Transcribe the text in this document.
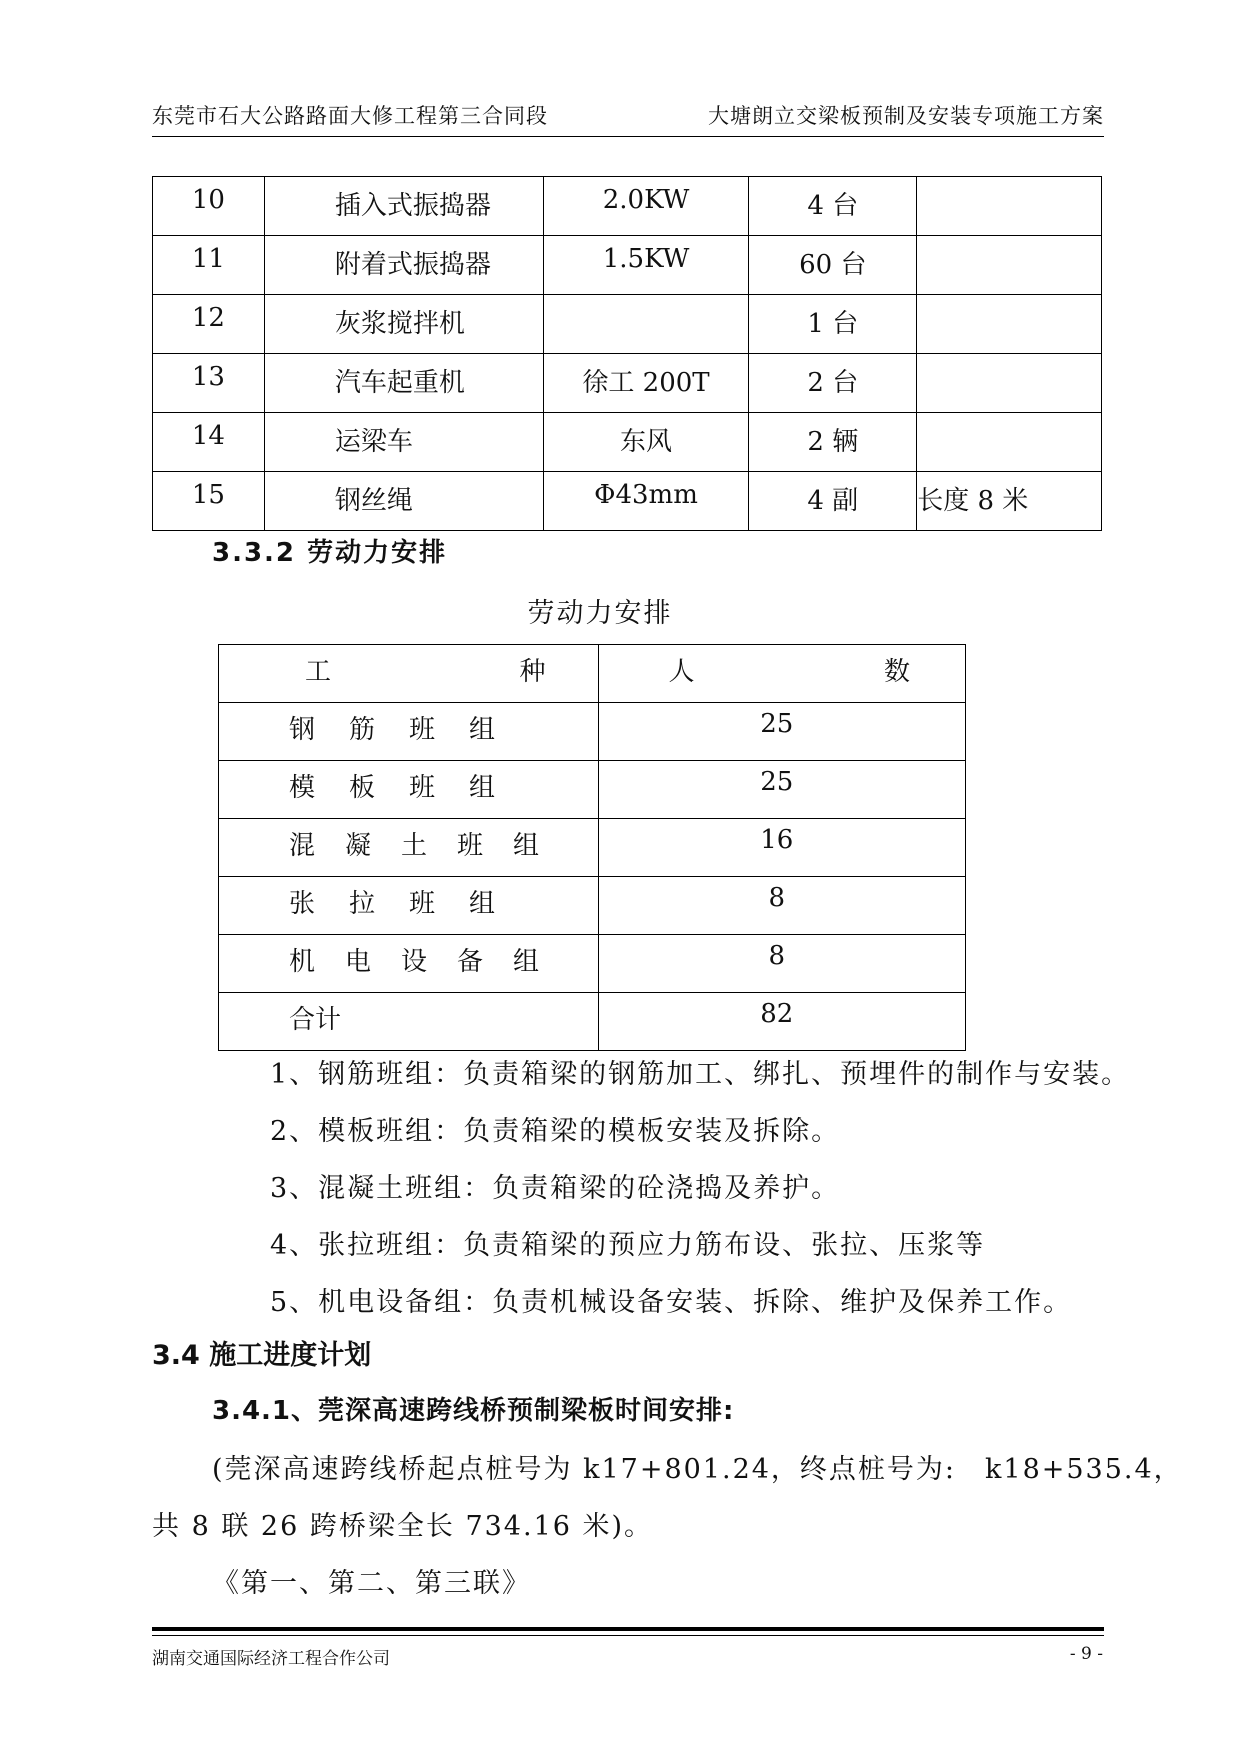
东莞市石大公路路面大修工程第三合同段	大塘朗立交梁板预制及安装专项施工方案
10	插入式振捣器	2.0KW	4 台	

11	附着式振捣器	1.5KW	60 台	

12	灰浆搅拌机		1 台	

13	汽车起重机	徐工 200T	2 台	

14	运梁车	东风	2 辆	

15	钢丝绳	Φ43mm	4 副	长度 8 米
3.3.2 劳动力安排
劳动力安排
工 种	人 数

钢筋班组	25

模板班组	25

混凝土班组	16

张拉班组	8

机电设备组	8

合计	82
1、钢筋班组：负责箱梁的钢筋加工、绑扎、预埋件的制作与安装。
2、模板班组：负责箱梁的模板安装及拆除。
3、混凝土班组：负责箱梁的砼浇捣及养护。
4、张拉班组：负责箱梁的预应力筋布设、张拉、压浆等
5、机电设备组：负责机械设备安装、拆除、维护及保养工作。
3.4 施工进度计划
3.4.1、莞深高速跨线桥预制梁板时间安排:
(莞深高速跨线桥起点桩号为 k17+801.24，终点桩号为:　k18+535.4，
共 8 联 26 跨桥梁全长 734.16 米)。
《第一、第二、第三联》
湖南交通国际经济工程合作公司	- 9 -
